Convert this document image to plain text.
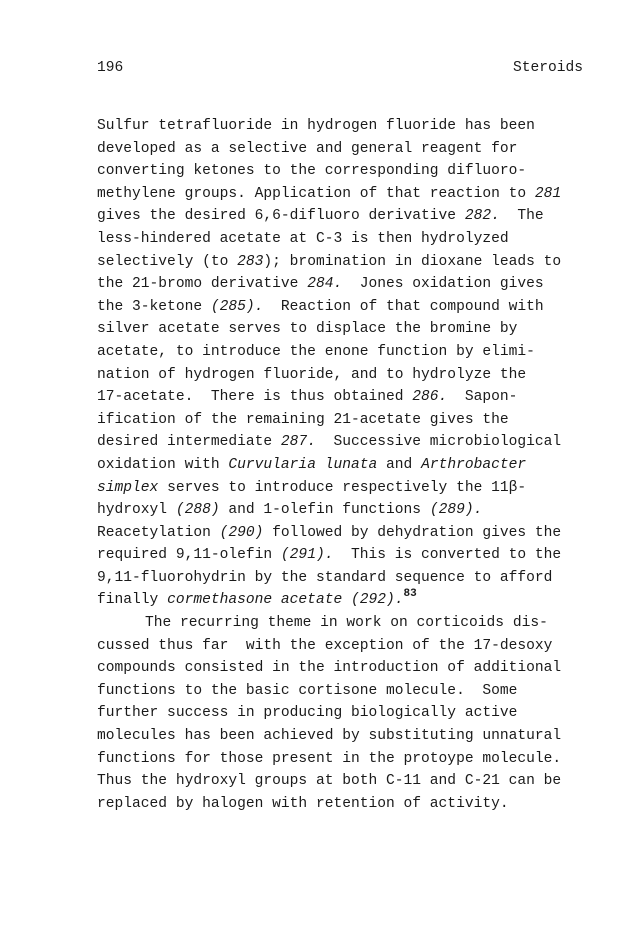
196	Steroids
Sulfur tetrafluoride in hydrogen fluoride has been
developed as a selective and general reagent for
converting ketones to the corresponding difluoro-
methylene groups. Application of that reaction to 281
gives the desired 6,6-difluoro derivative 282.  The
less-hindered acetate at C-3 is then hydrolyzed
selectively (to 283); bromination in dioxane leads to
the 21-bromo derivative 284.  Jones oxidation gives
the 3-ketone (285).  Reaction of that compound with
silver acetate serves to displace the bromine by
acetate, to introduce the enone function by elimi-
nation of hydrogen fluoride, and to hydrolyze the
17-acetate.  There is thus obtained 286.  Sapon-
ification of the remaining 21-acetate gives the
desired intermediate 287.  Successive microbiological
oxidation with Curvularia lunata and Arthrobacter
simplex serves to introduce respectively the 11β-
hydroxyl (288) and 1-olefin functions (289).
Reacetylation (290) followed by dehydration gives the
required 9,11-olefin (291).  This is converted to the
9,11-fluorohydrin by the standard sequence to afford
finally cormethasone acetate (292).$^{83}$
The recurring theme in work on corticoids dis-
cussed thus far  with the exception of the 17-desoxy
compounds consisted in the introduction of additional
functions to the basic cortisone molecule.  Some
further success in producing biologically active
molecules has been achieved by substituting unnatural
functions for those present in the protoype molecule.
Thus the hydroxyl groups at both C-11 and C-21 can be
replaced by halogen with retention of activity.
